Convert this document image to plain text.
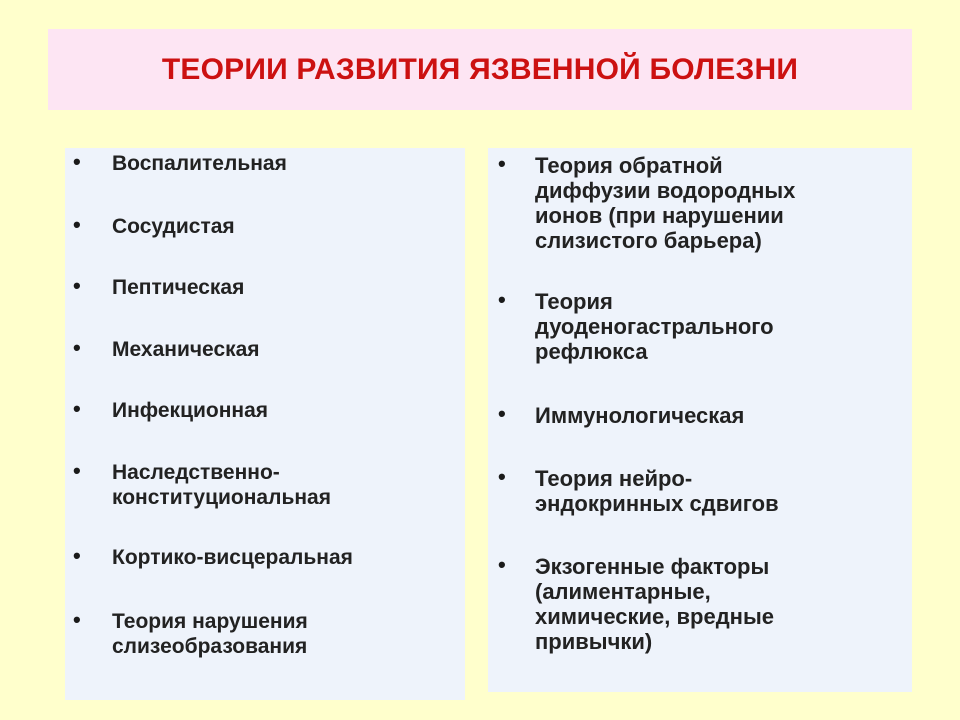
ТЕОРИИ РАЗВИТИЯ ЯЗВЕННОЙ БОЛЕЗНИ
• Воспалительная
• Сосудистая
• Пептическая
• Механическая
• Инфекционная
• Наследственно-
конституциональная
• Кортико-висцеральная
• Теория нарушения
слизеобразования
• Теория обратной
диффузии водородных
ионов (при нарушении
слизистого барьера)
• Теория
дуоденогастрального
рефлюкса
• Иммунологическая
• Теория нейро-
эндокринных сдвигов
• Экзогенные факторы
(алиментарные,
химические, вредные
привычки)
